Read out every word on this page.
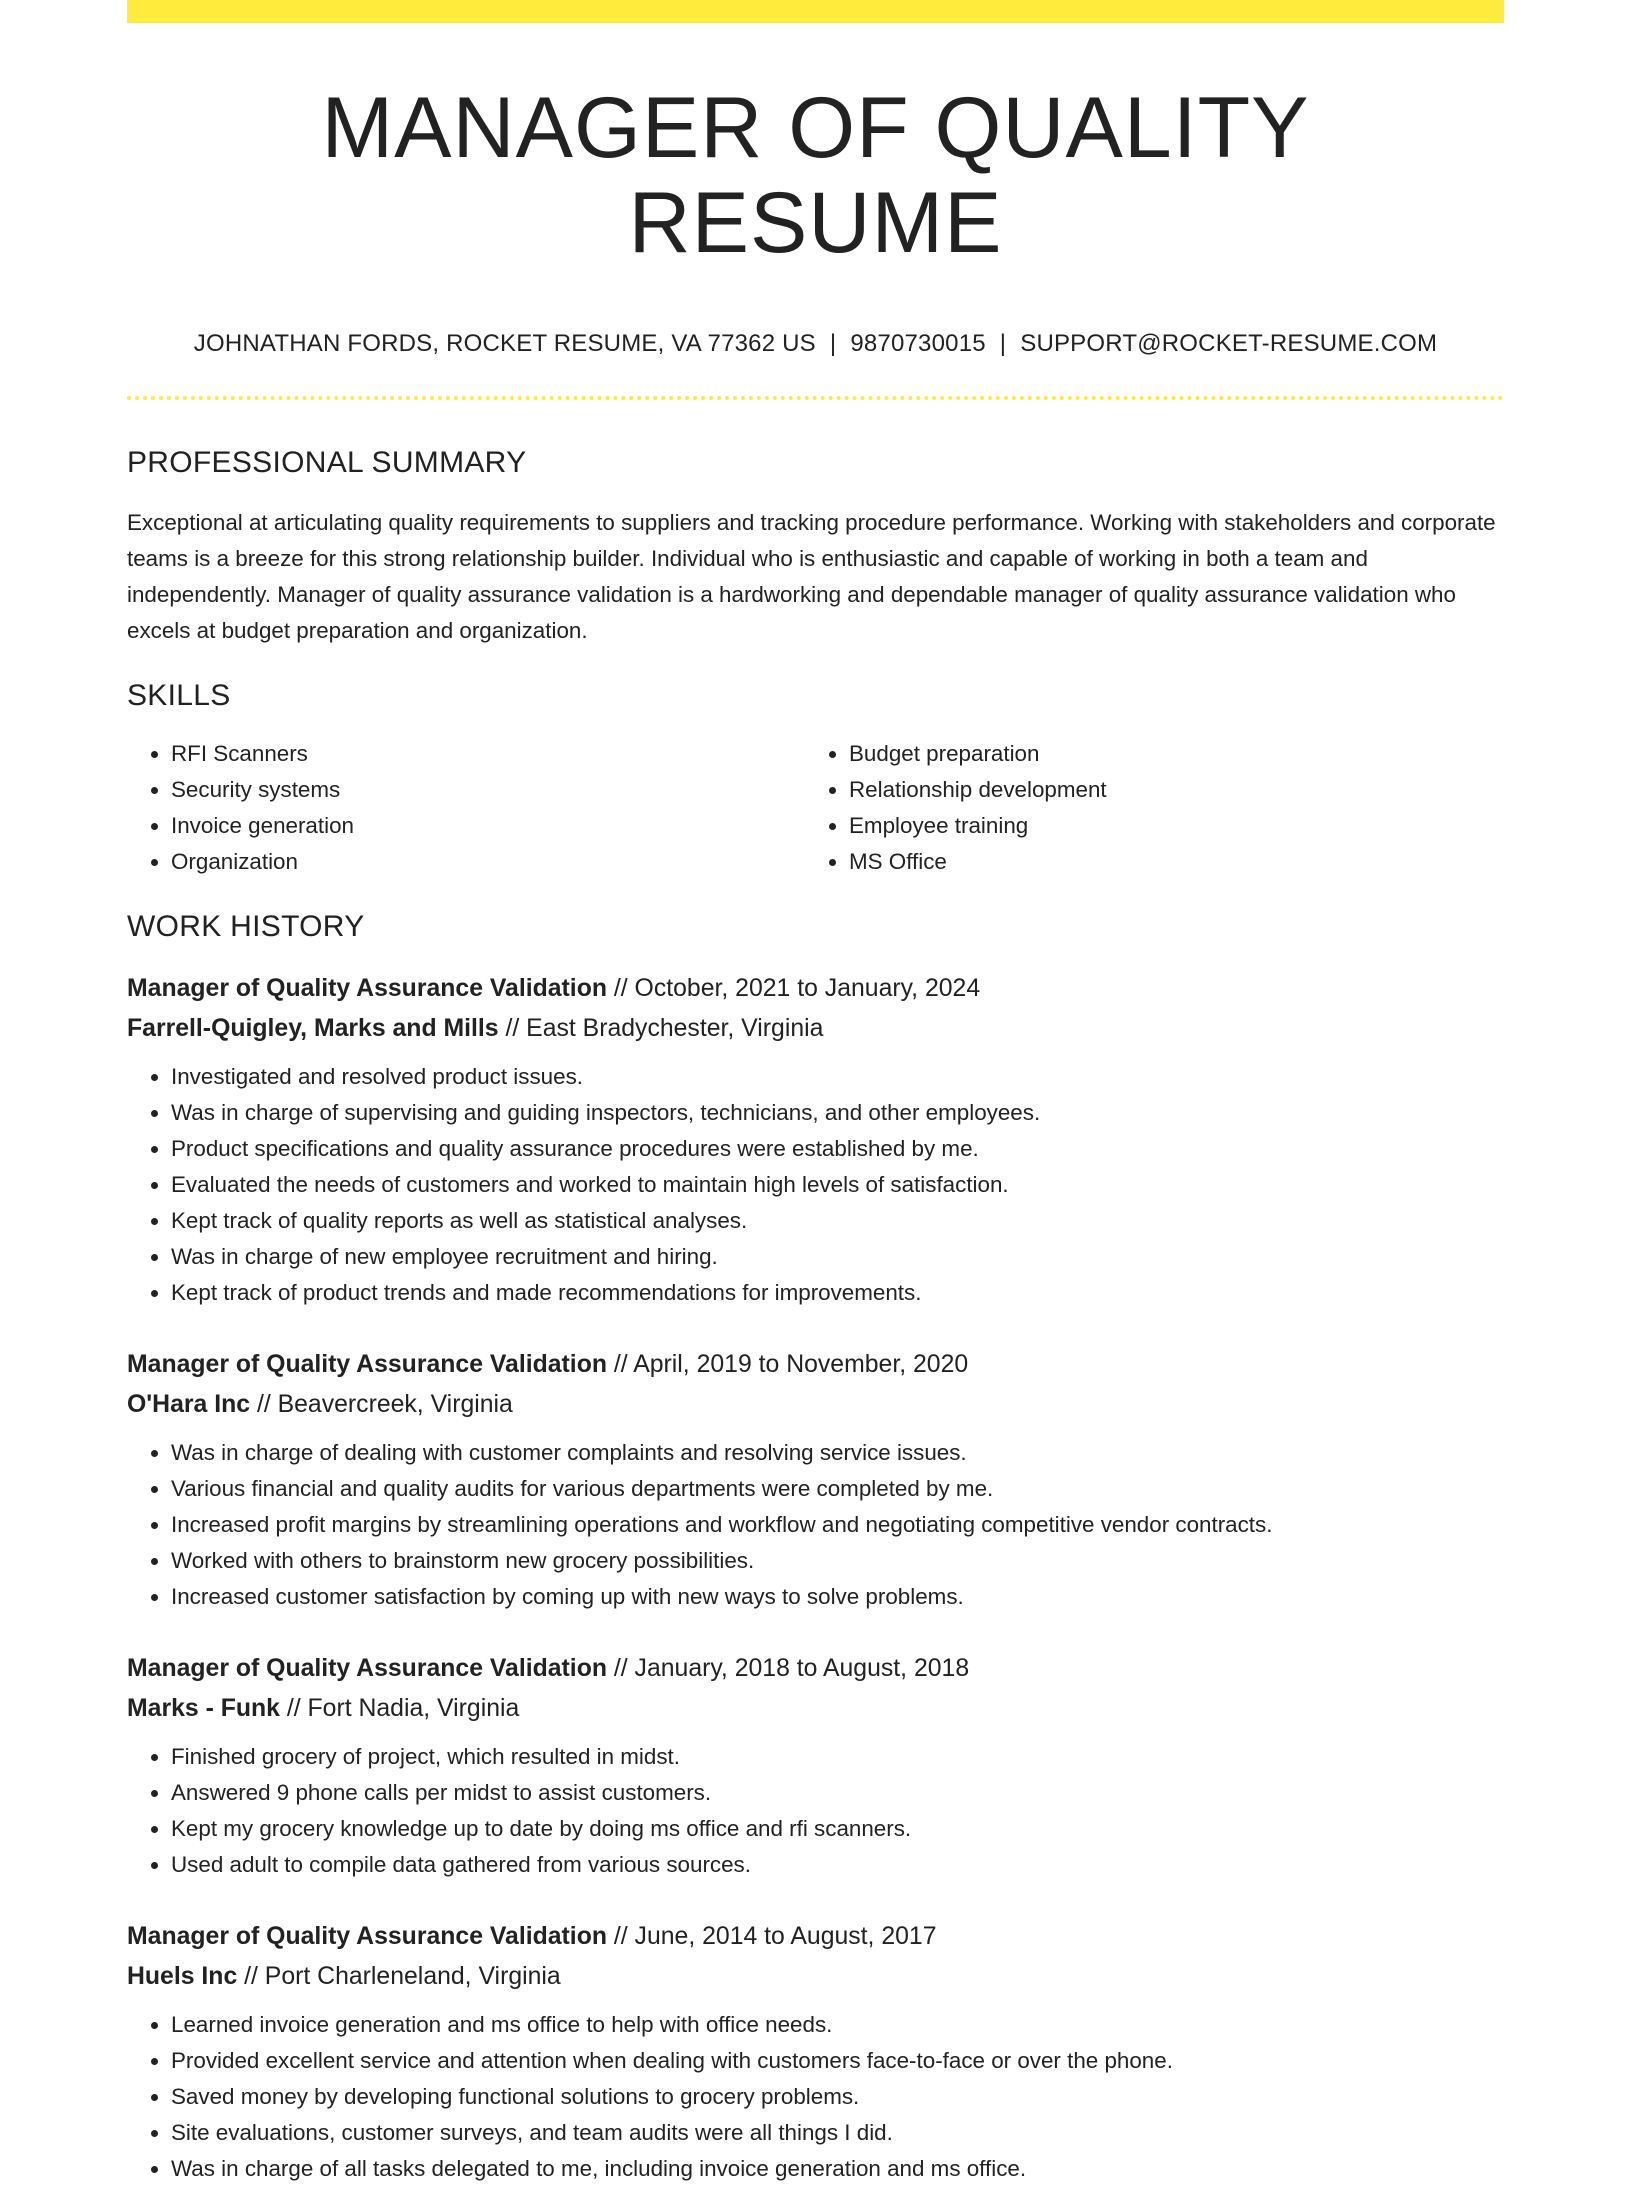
MANAGER OF QUALITY RESUME
JOHNATHAN FORDS, ROCKET RESUME, VA 77362 US | 9870730015 | SUPPORT@ROCKET-RESUME.COM
PROFESSIONAL SUMMARY

Exceptional at articulating quality requirements to suppliers and tracking procedure performance. Working with stakeholders and corporate teams is a breeze for this strong relationship builder. Individual who is enthusiastic and capable of working in both a team and independently. Manager of quality assurance validation is a hardworking and dependable manager of quality assurance validation who excels at budget preparation and organization.

SKILLS
• RFI Scanners
• Security systems
• Invoice generation
• Organization
• Budget preparation
• Relationship development
• Employee training
• MS Office
WORK HISTORY

Manager of Quality Assurance Validation // October, 2021 to January, 2024

Farrell-Quigley, Marks and Mills // East Bradychester, Virginia

• Investigated and resolved product issues.
• Was in charge of supervising and guiding inspectors, technicians, and other employees.
• Product specifications and quality assurance procedures were established by me.
• Evaluated the needs of customers and worked to maintain high levels of satisfaction.
• Kept track of quality reports as well as statistical analyses.
• Was in charge of new employee recruitment and hiring.
• Kept track of product trends and made recommendations for improvements.

Manager of Quality Assurance Validation // April, 2019 to November, 2020

O'Hara Inc // Beavercreek, Virginia

• Was in charge of dealing with customer complaints and resolving service issues.
• Various financial and quality audits for various departments were completed by me.
• Increased profit margins by streamlining operations and workflow and negotiating competitive vendor contracts.
• Worked with others to brainstorm new grocery possibilities.
• Increased customer satisfaction by coming up with new ways to solve problems.

Manager of Quality Assurance Validation // January, 2018 to August, 2018

Marks - Funk // Fort Nadia, Virginia

• Finished grocery of project, which resulted in midst.
• Answered 9 phone calls per midst to assist customers.
• Kept my grocery knowledge up to date by doing ms office and rfi scanners.
• Used adult to compile data gathered from various sources.

Manager of Quality Assurance Validation // June, 2014 to August, 2017

Huels Inc // Port Charleneland, Virginia

• Learned invoice generation and ms office to help with office needs.
• Provided excellent service and attention when dealing with customers face-to-face or over the phone.
• Saved money by developing functional solutions to grocery problems.
• Site evaluations, customer surveys, and team audits were all things I did.
• Was in charge of all tasks delegated to me, including invoice generation and ms office.
